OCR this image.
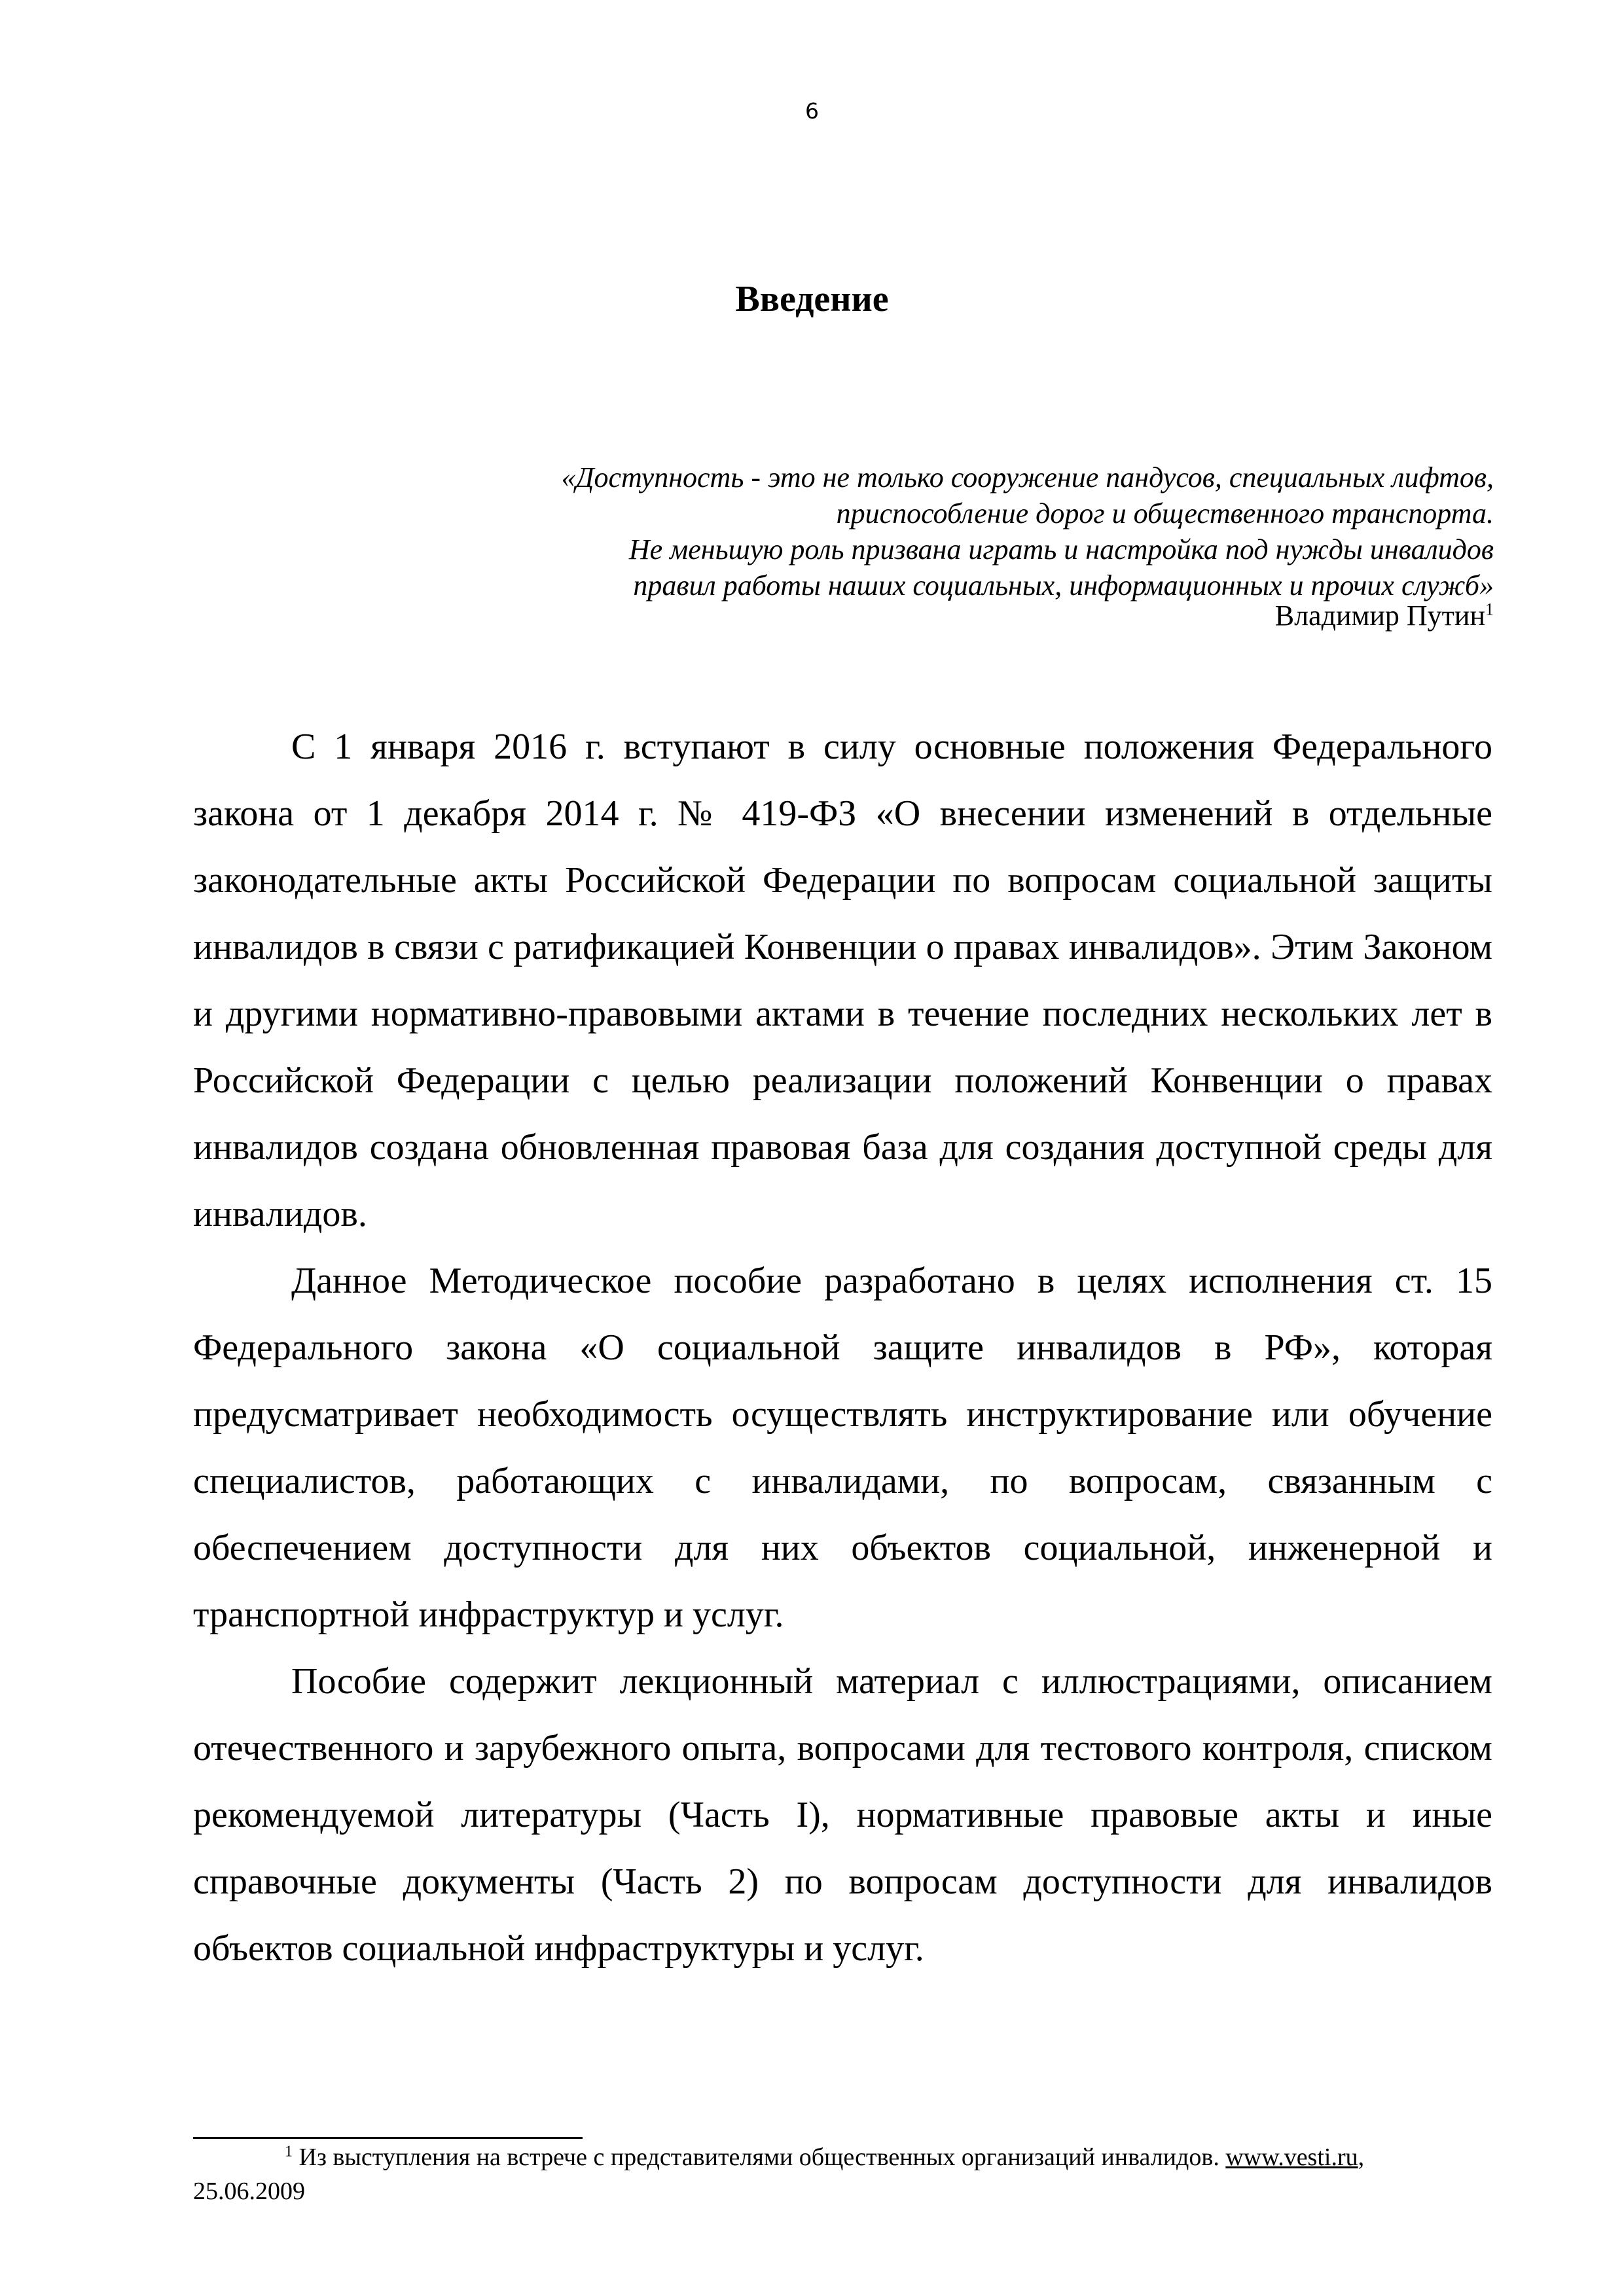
6
Введение
«Доступность - это не только сооружение пандусов, специальных лифтов,
приспособление дорог и общественного транспорта.
Не меньшую роль призвана играть и настройка под нужды инвалидов
правил работы наших социальных, информационных и прочих служб»
Владимир Путин$^1$

С 1 января 2016 г. вступают в силу основные положения Федерального закона от 1 декабря 2014 г. № 419-ФЗ «О внесении изменений в отдельные законодательные акты Российской Федерации по вопросам социальной защиты инвалидов в связи с ратификацией Конвенции о правах инвалидов». Этим Законом и другими нормативно-правовыми актами в течение последних нескольких лет в Российской Федерации с целью реализации положений Конвенции о правах инвалидов создана обновленная правовая база для создания доступной среды для инвалидов.

Данное Методическое пособие разработано в целях исполнения ст. 15 Федерального закона «О социальной защите инвалидов в РФ», которая предусматривает необходимость осуществлять инструктирование или обучение специалистов, работающих с инвалидами, по вопросам, связанным с обеспечением доступности для них объектов социальной, инженерной и транспортной инфраструктур и услуг.

Пособие содержит лекционный материал с иллюстрациями, описанием отечественного и зарубежного опыта, вопросами для тестового контроля, списком рекомендуемой литературы (Часть I), нормативные правовые акты и иные справочные документы (Часть 2) по вопросам доступности для инвалидов объектов социальной инфраструктуры и услуг.

$^1$ Из выступления на встрече с представителями общественных организаций инвалидов. www.vesti.ru,
25.06.2009
